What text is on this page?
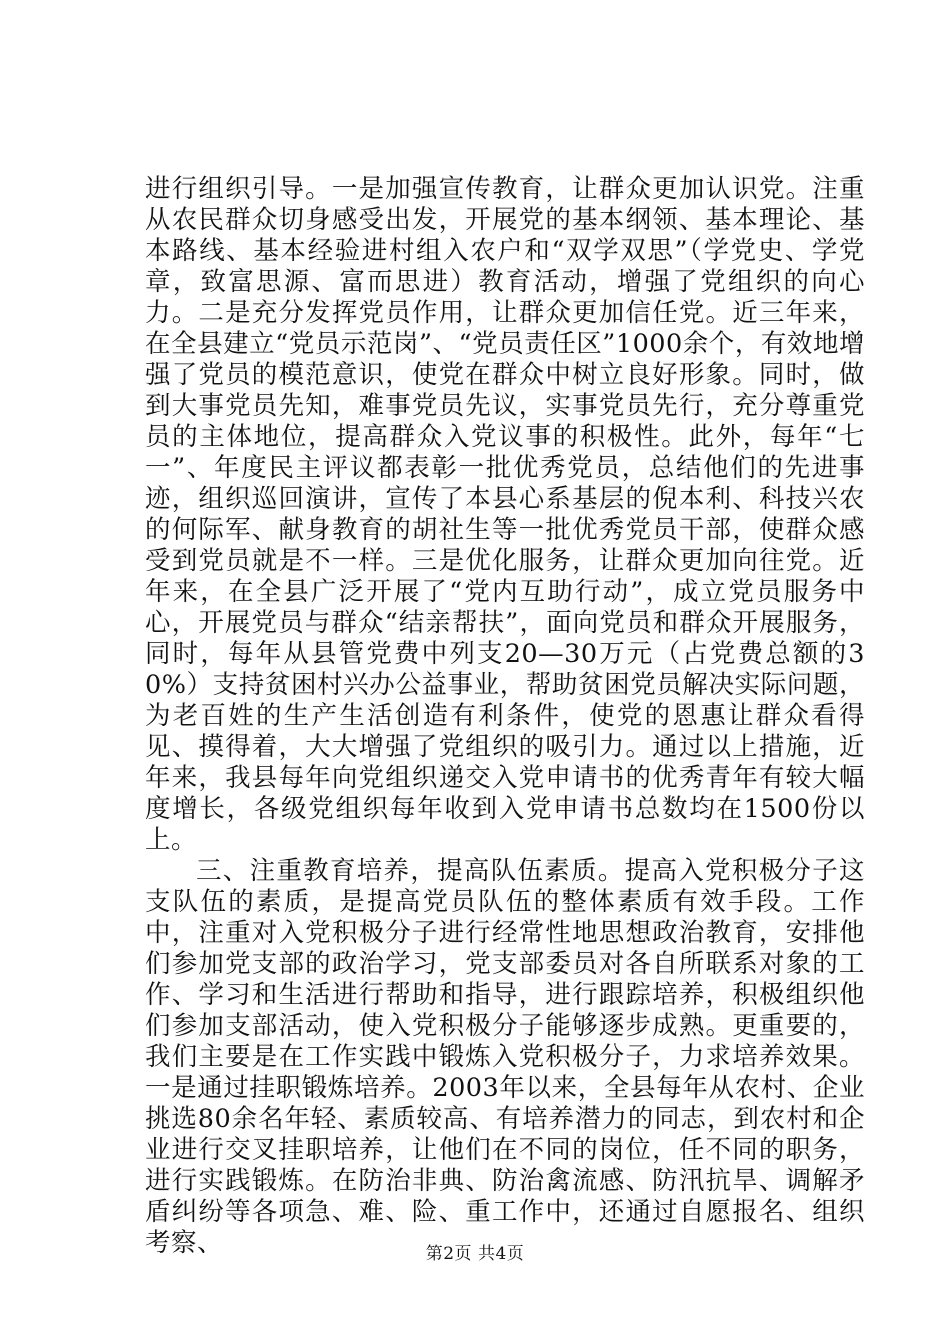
进行组织引导。一是加强宣传教育，让群众更加认识党。注重从农民群众切身感受出发，开展党的基本纲领、基本理论、基本路线、基本经验进村组入农户和“双学双思”（学党史、学党章，致富思源、富而思进）教育活动，增强了党组织的向心力。二是充分发挥党员作用，让群众更加信任党。近三年来，在全县建立“党员示范岗”、“党员责任区”1000余个，有效地增强了党员的模范意识，使党在群众中树立良好形象。同时，做到大事党员先知，难事党员先议，实事党员先行，充分尊重党员的主体地位，提高群众入党议事的积极性。此外，每年“七一”、年度民主评议都表彰一批优秀党员，总结他们的先进事迹，组织巡回演讲，宣传了本县心系基层的倪本利、科技兴农的何际军、献身教育的胡社生等一批优秀党员干部，使群众感受到党员就是不一样。三是优化服务，让群众更加向往党。近年来，在全县广泛开展了“党内互助行动”，成立党员服务中心，开展党员与群众“结亲帮扶”，面向党员和群众开展服务，同时，每年从县管党费中列支20—30万元（占党费总额的30%）支持贫困村兴办公益事业，帮助贫困党员解决实际问题，为老百姓的生产生活创造有利条件，使党的恩惠让群众看得见、摸得着，大大增强了党组织的吸引力。通过以上措施，近年来，我县每年向党组织递交入党申请书的优秀青年有较大幅度增长，各级党组织每年收到入党申请书总数均在1500份以上。

三、注重教育培养，提高队伍素质。提高入党积极分子这支队伍的素质，是提高党员队伍的整体素质有效手段。工作中，注重对入党积极分子进行经常性地思想政治教育，安排他们参加党支部的政治学习，党支部委员对各自所联系对象的工作、学习和生活进行帮助和指导，进行跟踪培养，积极组织他们参加支部活动，使入党积极分子能够逐步成熟。更重要的，我们主要是在工作实践中锻炼入党积极分子，力求培养效果。一是通过挂职锻炼培养。2003年以来，全县每年从农村、企业挑选80余名年轻、素质较高、有培养潜力的同志，到农村和企业进行交叉挂职培养，让他们在不同的岗位，任不同的职务，进行实践锻炼。在防治非典、防治禽流感、防汛抗旱、调解矛盾纠纷等各项急、难、险、重工作中，还通过自愿报名、组织考察、	第2页 共4页
